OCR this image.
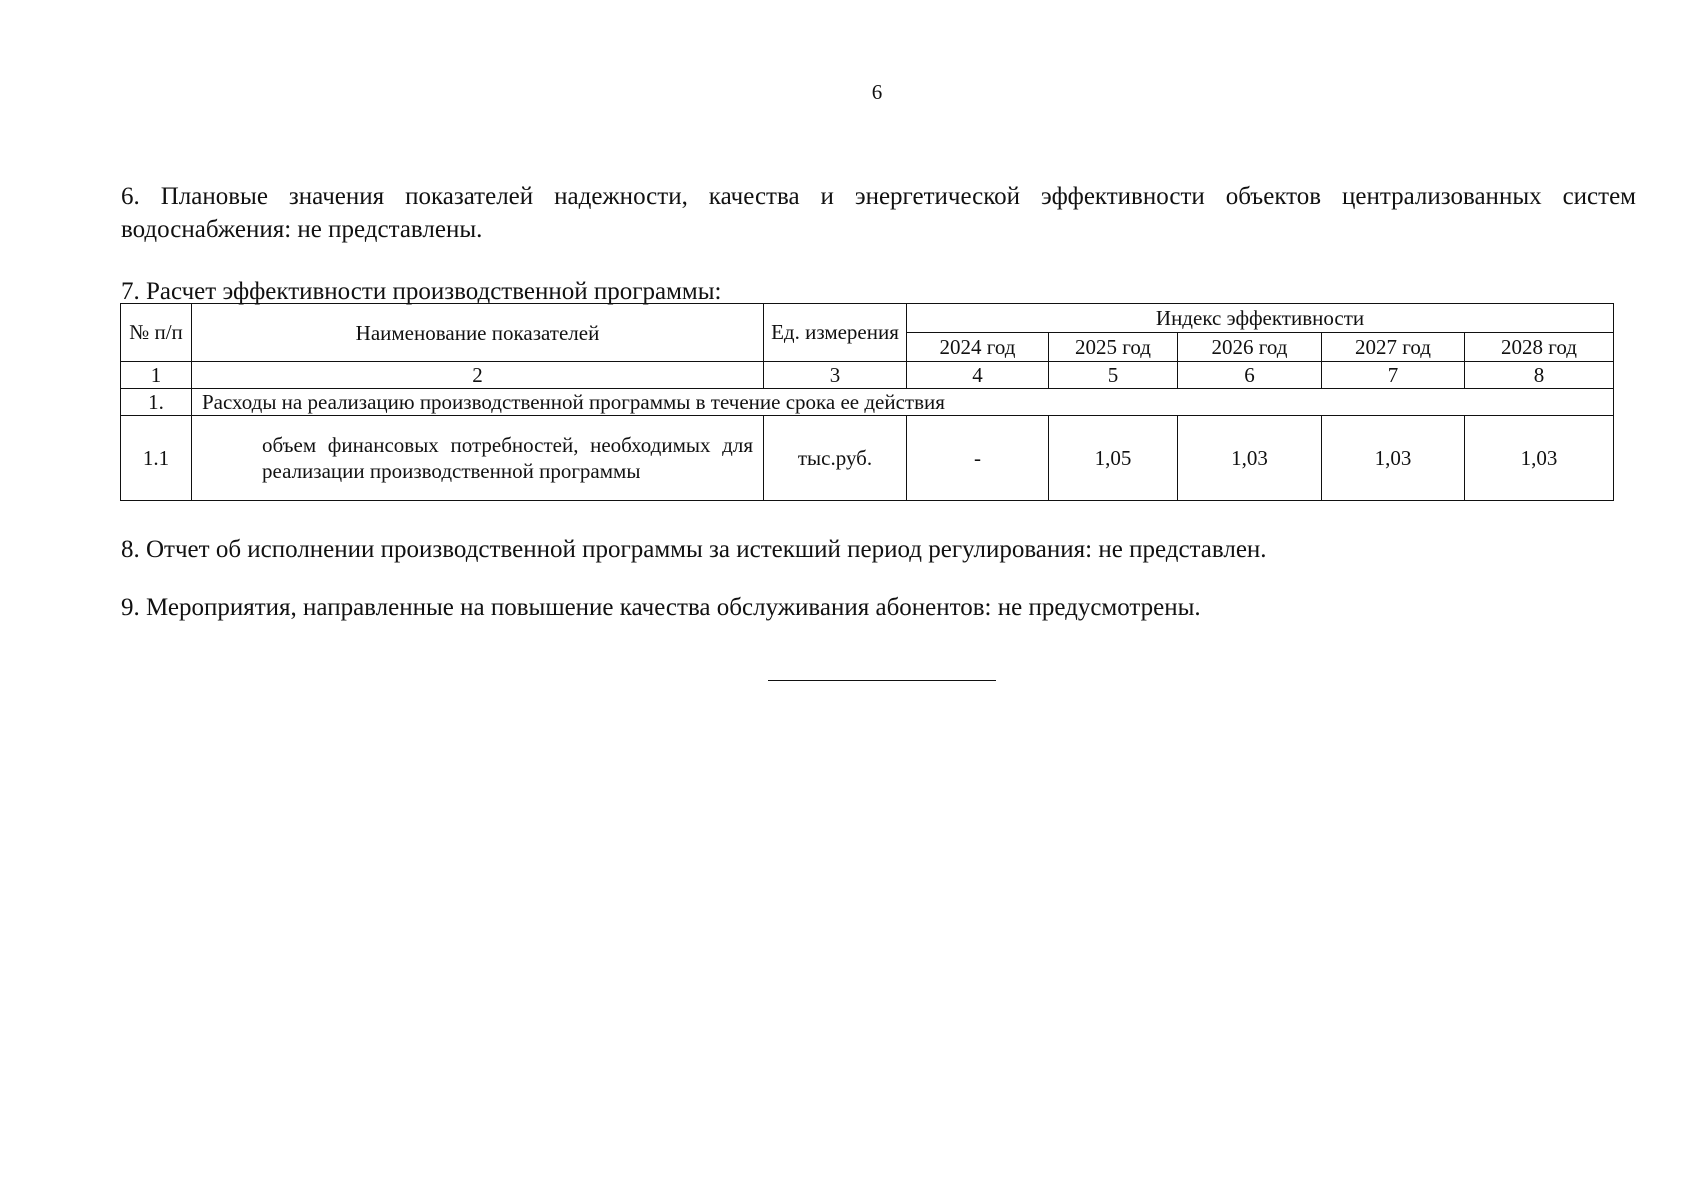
6
6. Плановые значения показателей надежности, качества и энергетической эффективности объектов централизованных систем водоснабжения: не представлены.
7. Расчет эффективности производственной программы:
№ п/п	Наименование показателей	Ед. измерения	Индекс эффективности				
			2024 год	2025 год	2026 год	2027 год	2028 год
1	2	3	4	5	6	7	8
1.	Расходы на реализацию производственной программы в течение срока ее действия						
1.1	объем финансовых потребностей, необходимых для реализации производственной программы	тыс.руб.	-	1,05	1,03	1,03	1,03
8. Отчет об исполнении производственной программы за истекший период регулирования: не представлен.
9. Мероприятия, направленные на повышение качества обслуживания абонентов: не предусмотрены.
